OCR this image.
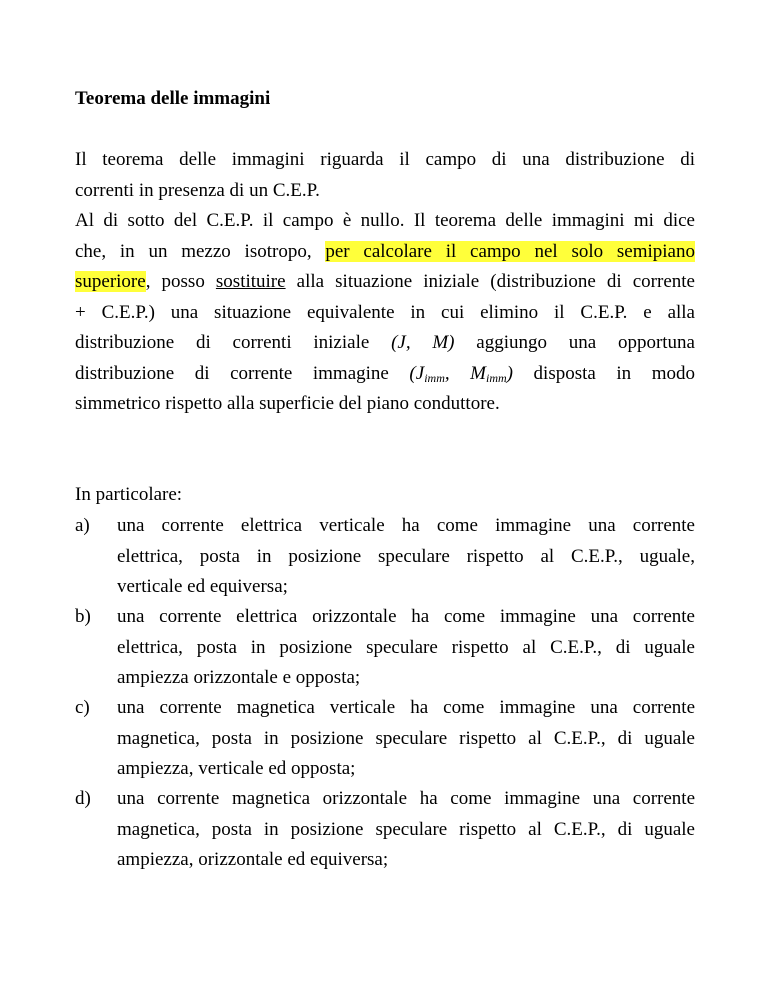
Teorema delle immagini
Il teorema delle immagini riguarda il campo di una distribuzione di
correnti in presenza di un C.E.P.
Al di sotto del C.E.P. il campo è nullo. Il teorema delle immagini mi dice
che, in un mezzo isotropo, per calcolare il campo nel solo semipiano
superiore, posso sostituire alla situazione iniziale (distribuzione di corrente
+ C.E.P.) una situazione equivalente in cui elimino il C.E.P. e alla
distribuzione di correnti iniziale (J, M) aggiungo una opportuna
distribuzione di corrente immagine ($J_{imm}$, $M_{imm}$) disposta in modo
simmetrico rispetto alla superficie del piano conduttore.
In particolare:
a) una corrente elettrica verticale ha come immagine una corrente
elettrica, posta in posizione speculare rispetto al C.E.P., uguale,
verticale ed equiversa;
b) una corrente elettrica orizzontale ha come immagine una corrente
elettrica, posta in posizione speculare rispetto al C.E.P., di uguale
ampiezza orizzontale e opposta;
c) una corrente magnetica verticale ha come immagine una corrente
magnetica, posta in posizione speculare rispetto al C.E.P., di uguale
ampiezza, verticale ed opposta;
d) una corrente magnetica orizzontale ha come immagine una corrente
magnetica, posta in posizione speculare rispetto al C.E.P., di uguale
ampiezza, orizzontale ed equiversa;
